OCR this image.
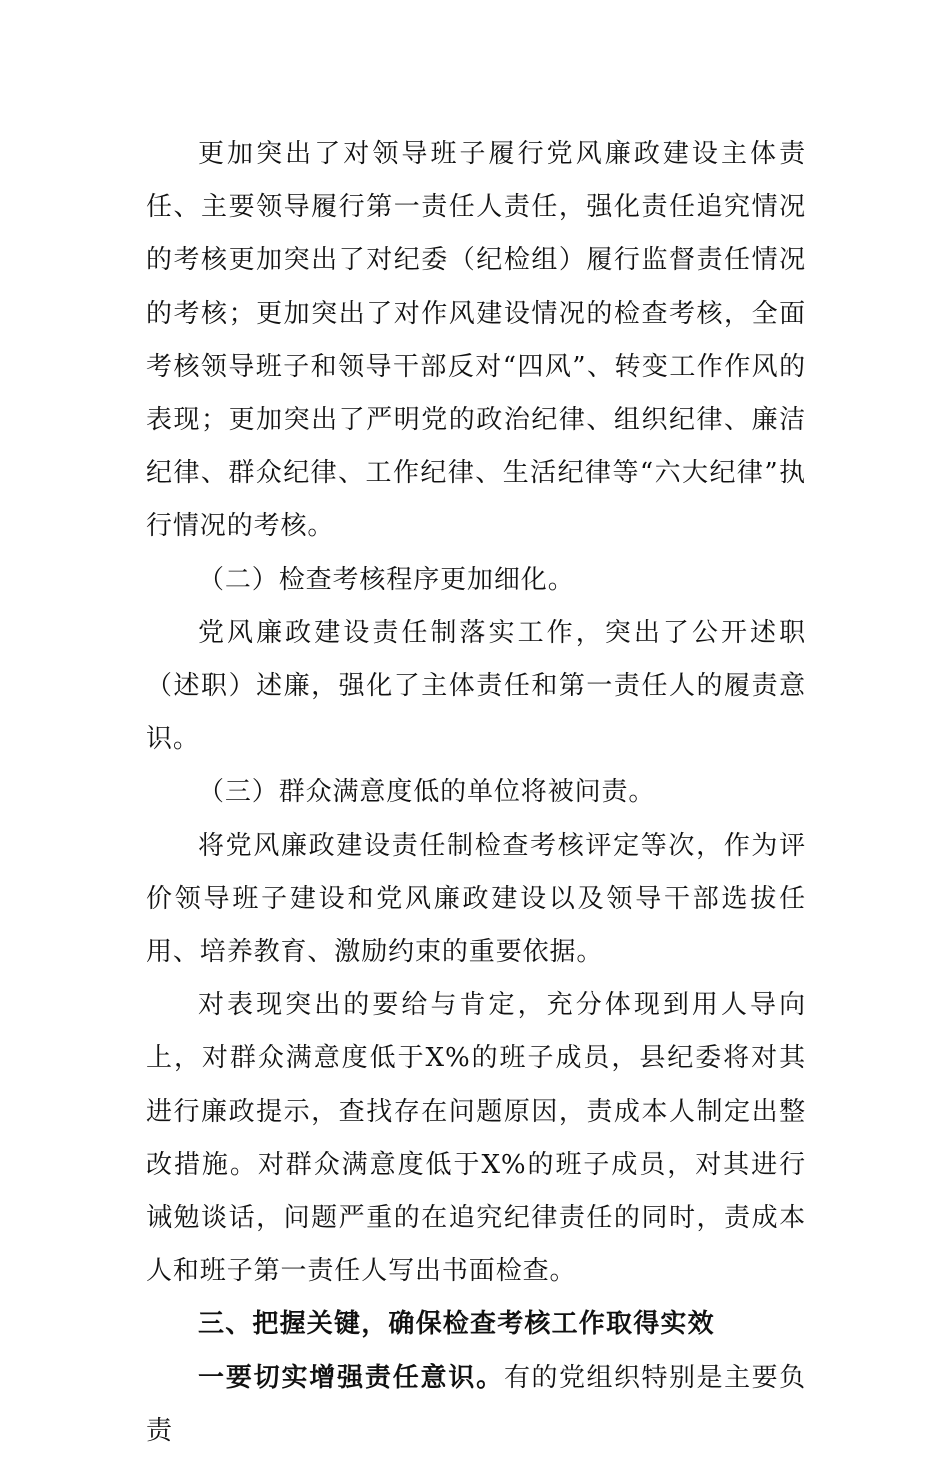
更加突出了对领导班子履行党风廉政建设主体责任、主要领导履行第一责任人责任，强化责任追究情况的考核更加突出了对纪委（纪检组）履行监督责任情况的考核；更加突出了对作风建设情况的检查考核，全面考核领导班子和领导干部反对“四风”、转变工作作风的表现；更加突出了严明党的政治纪律、组织纪律、廉洁纪律、群众纪律、工作纪律、生活纪律等“六大纪律”执行情况的考核。

（二）检查考核程序更加细化。

党风廉政建设责任制落实工作，突出了公开述职（述职）述廉，强化了主体责任和第一责任人的履责意识。

（三）群众满意度低的单位将被问责。

将党风廉政建设责任制检查考核评定等次，作为评价领导班子建设和党风廉政建设以及领导干部选拔任用、培养教育、激励约束的重要依据。

对表现突出的要给与肯定，充分体现到用人导向上，对群众满意度低于X%的班子成员，县纪委将对其进行廉政提示，查找存在问题原因，责成本人制定出整改措施。对群众满意度低于X%的班子成员，对其进行诫勉谈话，问题严重的在追究纪律责任的同时，责成本人和班子第一责任人写出书面检查。

三、把握关键，确保检查考核工作取得实效

一要切实增强责任意识。有的党组织特别是主要负责
